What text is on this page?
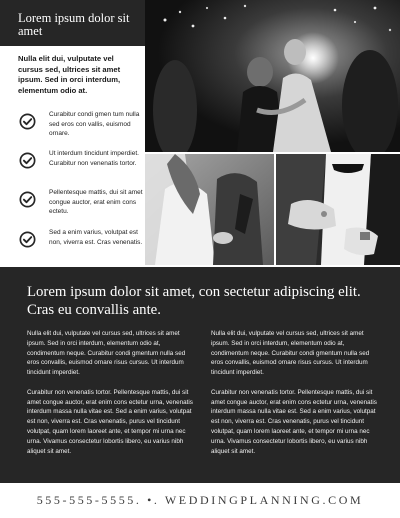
Lorem ipsum dolor sit amet
Nulla elit dui, vulputate vel cursus sed, ultrices sit amet ipsum. Sed in orci interdum, elementum odio at.
Curabitur condi gmen tum nulla sed eros con vallis, euismod ornare.
Ut interdum tincidunt imperdiet. Curabitur non venenatis tortor.
Pellentesque mattis, dui sit amet congue auctor, erat enim cons ectetu.
Sed a enim varius, volutpat est non, viverra est. Cras venenatis.
Lorem ipsum dolor sit amet, con sectetur adipiscing elit. Cras eu convallis ante.

Nulla elit dui, vulputate vel cursus sed, ultrices sit amet ipsum. Sed in orci interdum, elementum odio at, condimentum neque. Curabitur condi gmentum nulla sed eros convallis, euismod ornare risus cursus. Ut interdum tincidunt imperdiet.

Curabitur non venenatis tortor. Pellentesque mattis, dui sit amet congue auctor, erat enim cons ectetur urna, venenatis interdum massa nulla vitae est. Sed a enim varius, volutpat est non, viverra est. Cras venenatis, purus vel tincidunt volutpat, quam lorem laoreet ante, et tempor mi urna nec urna. Vivamus consectetur lobortis libero, eu varius nibh aliquet sit amet.

Nulla elit dui, vulputate vel cursus sed, ultrices sit amet ipsum. Sed in orci interdum, elementum odio at, condimentum neque. Curabitur condi gmentum nulla sed eros convallis, euismod ornare risus cursus. Ut interdum tincidunt imperdiet.

Curabitur non venenatis tortor. Pellentesque mattis, dui sit amet congue auctor, erat enim cons ectetur urna, venenatis interdum massa nulla vitae est. Sed a enim varius, volutpat est non, viverra est. Cras venenatis, purus vel tincidunt volutpat, quam lorem laoreet ante, et tempor mi urna nec urna. Vivamus consectetur lobortis libero, eu varius nibh aliquet sit amet.

555-555-5555. •. WEDDINGPLANNING.COM
